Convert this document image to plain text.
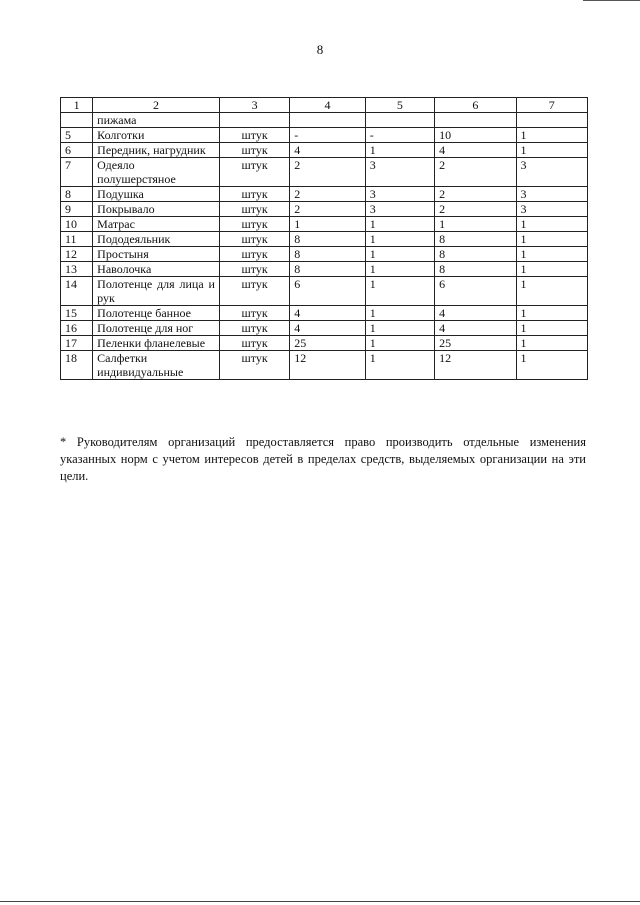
8
1	2	3	4	5	6	7
	пижама					
5	Колготки	штук	-	-	10	1
6	Передник, нагрудник	штук	4	1	4	1
7	Одеяло полушерстяное	штук	2	3	2	3
8	Подушка	штук	2	3	2	3
9	Покрывало	штук	2	3	2	3
10	Матрас	штук	1	1	1	1
11	Пододеяльник	штук	8	1	8	1
12	Простыня	штук	8	1	8	1
13	Наволочка	штук	8	1	8	1
14	Полотенце для лица и рук	штук	6	1	6	1
15	Полотенце банное	штук	4	1	4	1
16	Полотенце для ног	штук	4	1	4	1
17	Пеленки фланелевые	штук	25	1	25	1
18	Салфетки индивидуальные	штук	12	1	12	1
* Руководителям организаций предоставляется право производить отдельные изменения указанных норм с учетом интересов детей в пределах средств, выделяемых организации на эти цели.
